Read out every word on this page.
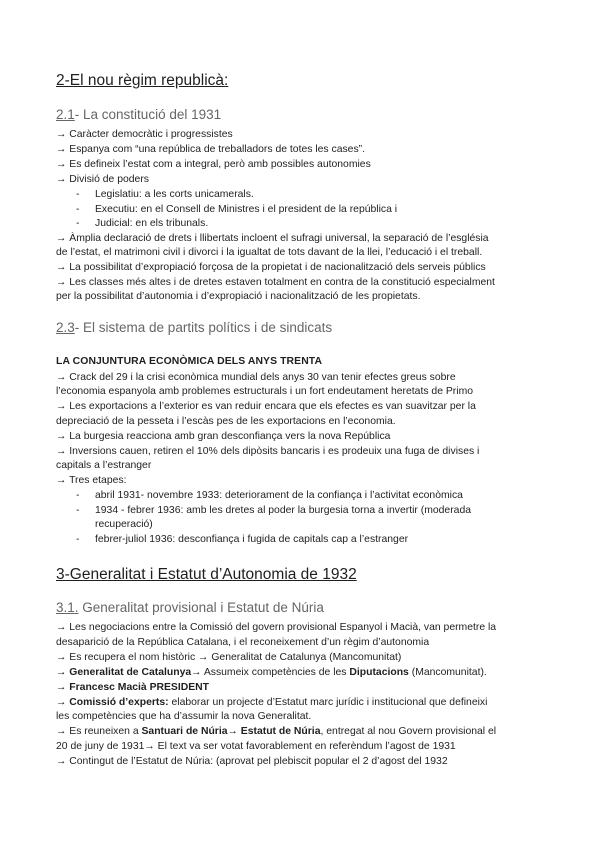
2-El nou règim republicà:
2.1- La constitució del 1931
→ Caràcter democràtic i progressistes
→ Espanya com “una república de treballadors de totes les cases”.
→ Es defineix l’estat com a integral, però amb possibles autonomies
→ Divisió de poders
- Legislatiu: a les corts unicamerals.
- Executiu: en el Consell de Ministres i el president de la república i
- Judicial: en els tribunals.
→ Àmplia declaració de drets i llibertats incloent el sufragi universal, la separació de l’església
de l’estat, el matrimoni civil i divorci i la igualtat de tots davant de la llei, l’educació i el treball.
→ La possibilitat d’expropiació forçosa de la propietat i de nacionalització dels serveis públics
→ Les classes més altes i de dretes estaven totalment en contra de la constitució especialment
per la possibilitat d’autonomia i d’expropiació i nacionalització de les propietats.
2.3- El sistema de partits polítics i de sindicats
LA CONJUNTURA ECONÒMICA DELS ANYS TRENTA
→ Crack del 29 i la crisi econòmica mundial dels anys 30 van tenir efectes greus sobre
l’economia espanyola amb problemes estructurals i un fort endeutament heretats de Primo
→ Les exportacions a l’exterior es van reduir encara que els efectes es van suavitzar per la
depreciació de la pesseta i l’escàs pes de les exportacions en l’economia.
→ La burgesia reacciona amb gran desconfiança vers la nova República
→ Inversions cauen, retiren el 10% dels dipòsits bancaris i es prodeuix una fuga de divises i
capitals a l’estranger
→ Tres etapes:
- abril 1931- novembre 1933: deteriorament de la confiança i l’activitat econòmica
- 1934 - febrer 1936: amb les dretes al poder la burgesia torna a invertir (moderada
recuperació)
- febrer-juliol 1936: desconfiança i fugida de capitals cap a l’estranger
3-Generalitat i Estatut d’Autonomia de 1932
3.1. Generalitat provisional i Estatut de Núria
→ Les negociacions entre la Comissió del govern provisional Espanyol i Macià, van permetre la
desaparició de la República Catalana, i el reconeixement d’un règim d’autonomia
→ Es recupera el nom històric → Generalitat de Catalunya (Mancomunitat)
→ Generalitat de Catalunya→ Assumeix competències de les Diputacions (Mancomunitat).
→ Francesc Macià PRESIDENT
→ Comissió d’experts: elaborar un projecte d’Estatut marc jurídic i institucional que defineixi
les competències que ha d’assumir la nova Generalitat.
→ Es reuneixen a Santuari de Núria→ Estatut de Núria, entregat al nou Govern provisional el
20 de juny de 1931→ El text va ser votat favorablement en referèndum l’agost de 1931
→ Contingut de l’Estatut de Núria: (aprovat pel plebiscit popular el 2 d’agost del 1932
